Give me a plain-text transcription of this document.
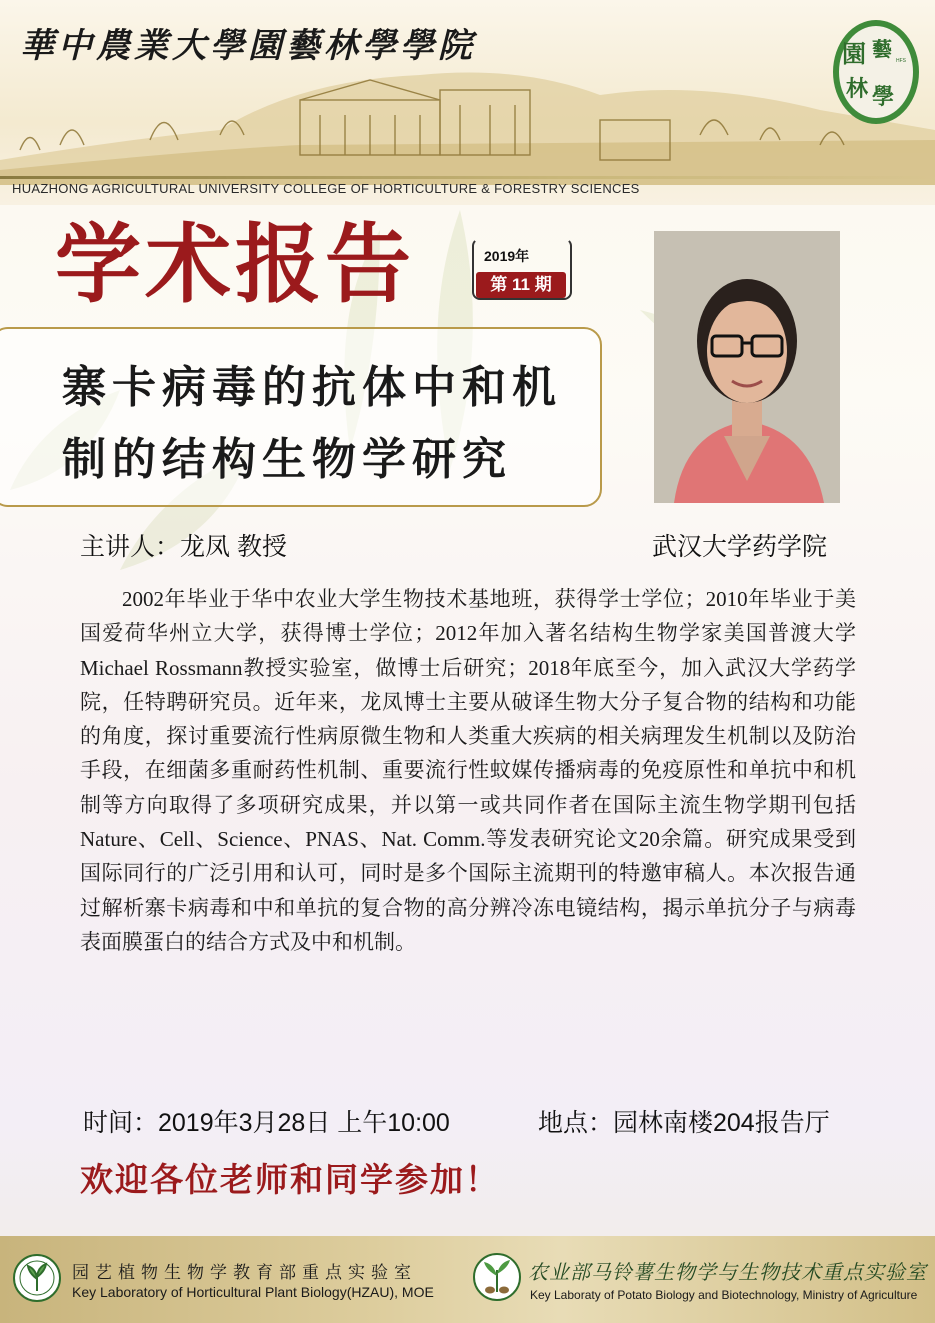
華中農業大學園藝林學學院
HUAZHONG AGRICULTURAL UNIVERSITY COLLEGE OF HORTICULTURE & FORESTRY SCIENCES
園 藝
林 學
HFS
学术报告	2019年
第 11 期
寨卡病毒的抗体中和机
制的结构生物学研究
主讲人：龙凤 教授	武汉大学药学院
2002年毕业于华中农业大学生物技术基地班，获得学士学位；2010年毕业于美国爱荷华州立大学，获得博士学位；2012年加入著名结构生物学家美国普渡大学Michael Rossmann教授实验室，做博士后研究；2018年底至今，加入武汉大学药学院，任特聘研究员。近年来，龙凤博士主要从破译生物大分子复合物的结构和功能的角度，探讨重要流行性病原微生物和人类重大疾病的相关病理发生机制以及防治手段，在细菌多重耐药性机制、重要流行性蚊媒传播病毒的免疫原性和单抗中和机制等方向取得了多项研究成果，并以第一或共同作者在国际主流生物学期刊包括Nature、Cell、Science、PNAS、Nat. Comm.等发表研究论文20余篇。研究成果受到国际同行的广泛引用和认可，同时是多个国际主流期刊的特邀审稿人。本次报告通过解析寨卡病毒和中和单抗的复合物的高分辨冷冻电镜结构，揭示单抗分子与病毒表面膜蛋白的结合方式及中和机制。
时间：2019年3月28日 上午10:00	地点：园林南楼204报告厅
欢迎各位老师和同学参加！
园艺植物生物学教育部重点实验室
Key Laboratory of Horticultural Plant Biology(HZAU), MOE
农业部马铃薯生物学与生物技术重点实验室
Key Laboraty of Potato Biology and Biotechnology, Ministry of Agriculture
